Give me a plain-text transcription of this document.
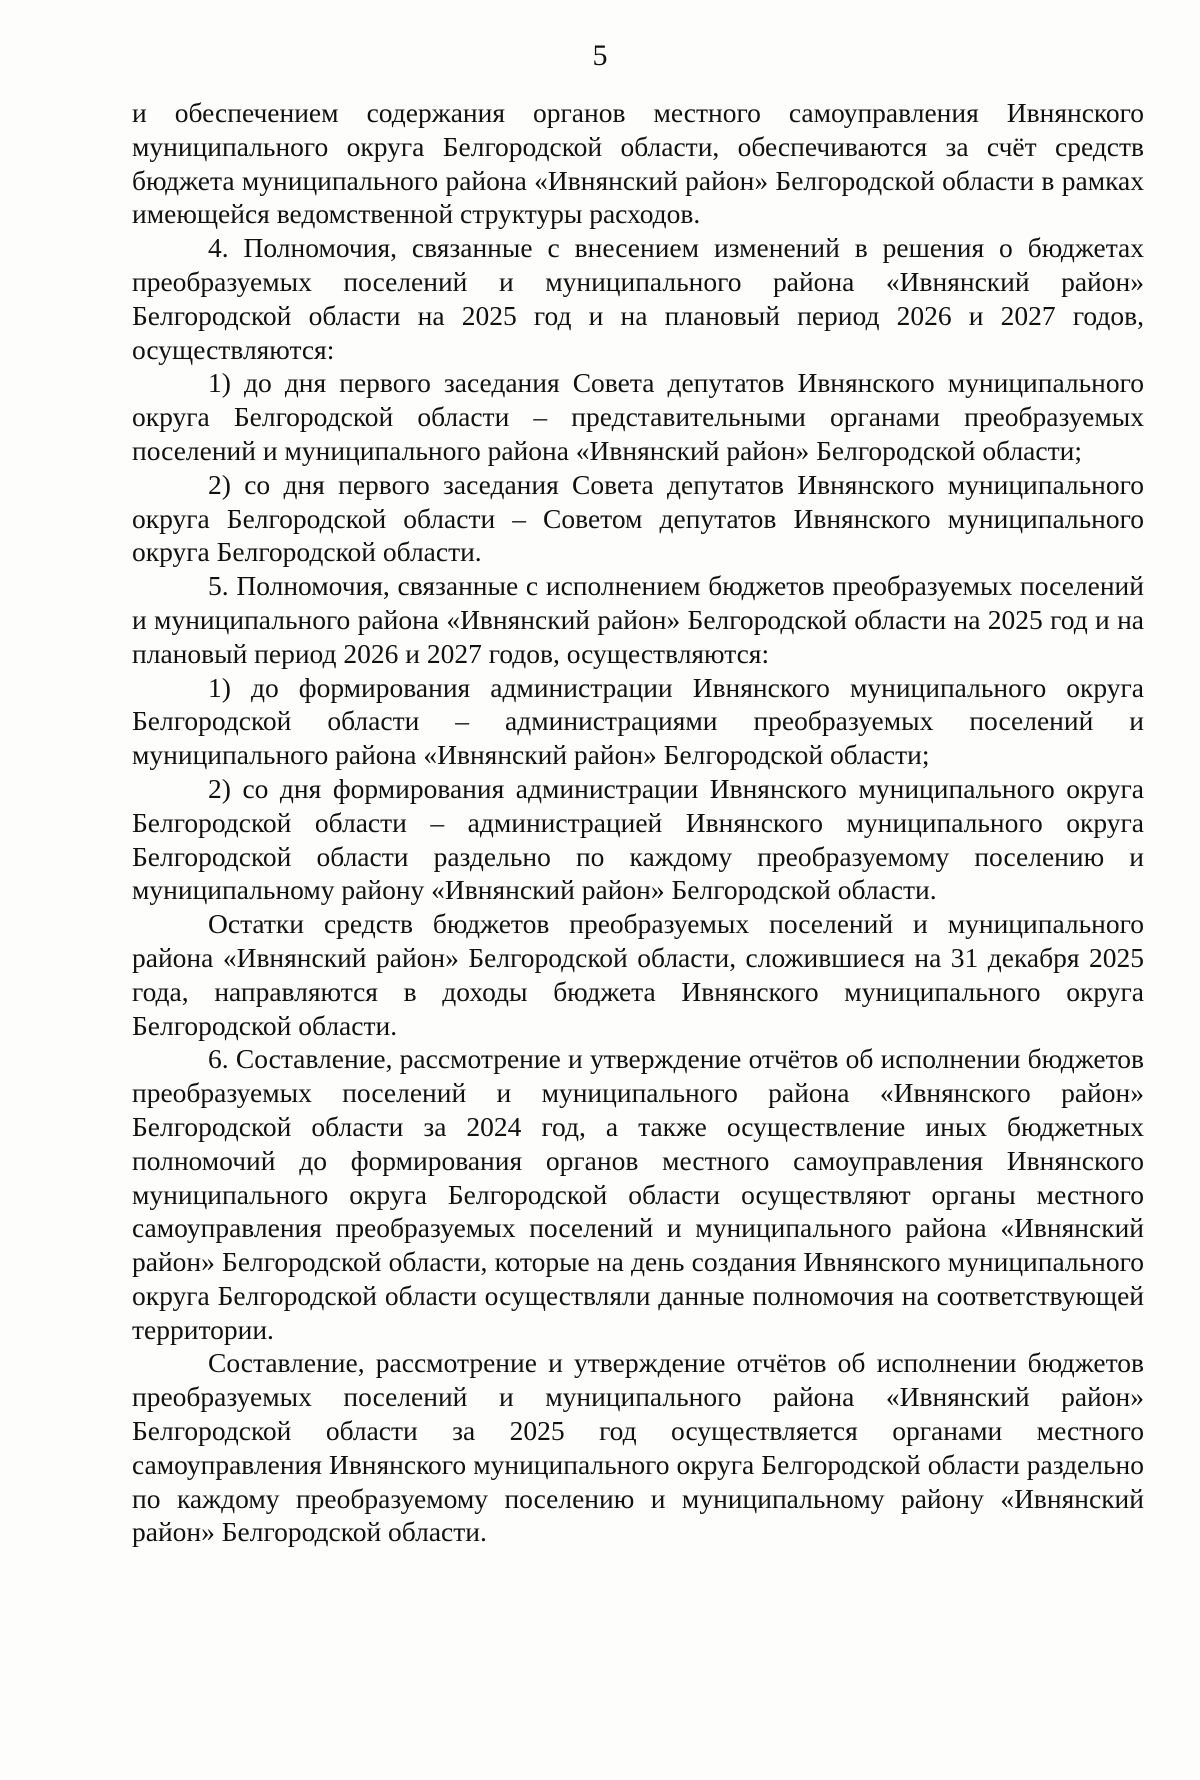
5

и обеспечением содержания органов местного самоуправления Ивнянского муниципального округа Белгородской области, обеспечиваются за счёт средств бюджета муниципального района «Ивнянский район» Белгородской области в рамках имеющейся ведомственной структуры расходов.

4. Полномочия, связанные с внесением изменений в решения о бюджетах преобразуемых поселений и муниципального района «Ивнянский район» Белгородской области на 2025 год и на плановый период 2026 и 2027 годов, осуществляются:

1) до дня первого заседания Совета депутатов Ивнянского муниципального округа Белгородской области – представительными органами преобразуемых поселений и муниципального района «Ивнянский район» Белгородской области;

2) со дня первого заседания Совета депутатов Ивнянского муниципального округа Белгородской области – Советом депутатов Ивнянского муниципального округа Белгородской области.

5. Полномочия, связанные с исполнением бюджетов преобразуемых поселений и муниципального района «Ивнянский район» Белгородской области на 2025 год и на плановый период 2026 и 2027 годов, осуществляются:

1) до формирования администрации Ивнянского муниципального округа Белгородской области – администрациями преобразуемых поселений и муниципального района «Ивнянский район» Белгородской области;

2) со дня формирования администрации Ивнянского муниципального округа Белгородской области – администрацией Ивнянского муниципального округа Белгородской области раздельно по каждому преобразуемому поселению и муниципальному району «Ивнянский район» Белгородской области.

Остатки средств бюджетов преобразуемых поселений и муниципального района «Ивнянский район» Белгородской области, сложившиеся на 31 декабря 2025 года, направляются в доходы бюджета Ивнянского муниципального округа Белгородской области.

6. Составление, рассмотрение и утверждение отчётов об исполнении бюджетов преобразуемых поселений и муниципального района «Ивнянского район» Белгородской области за 2024 год, а также осуществление иных бюджетных полномочий до формирования органов местного самоуправления Ивнянского муниципального округа Белгородской области осуществляют органы местного самоуправления преобразуемых поселений и муниципального района «Ивнянский район» Белгородской области, которые на день создания Ивнянского муниципального округа Белгородской области осуществляли данные полномочия на соответствующей территории.

Составление, рассмотрение и утверждение отчётов об исполнении бюджетов преобразуемых поселений и муниципального района «Ивнянский район» Белгородской области за 2025 год осуществляется органами местного самоуправления Ивнянского муниципального округа Белгородской области раздельно по каждому преобразуемому поселению и муниципальному району «Ивнянский район» Белгородской области.
